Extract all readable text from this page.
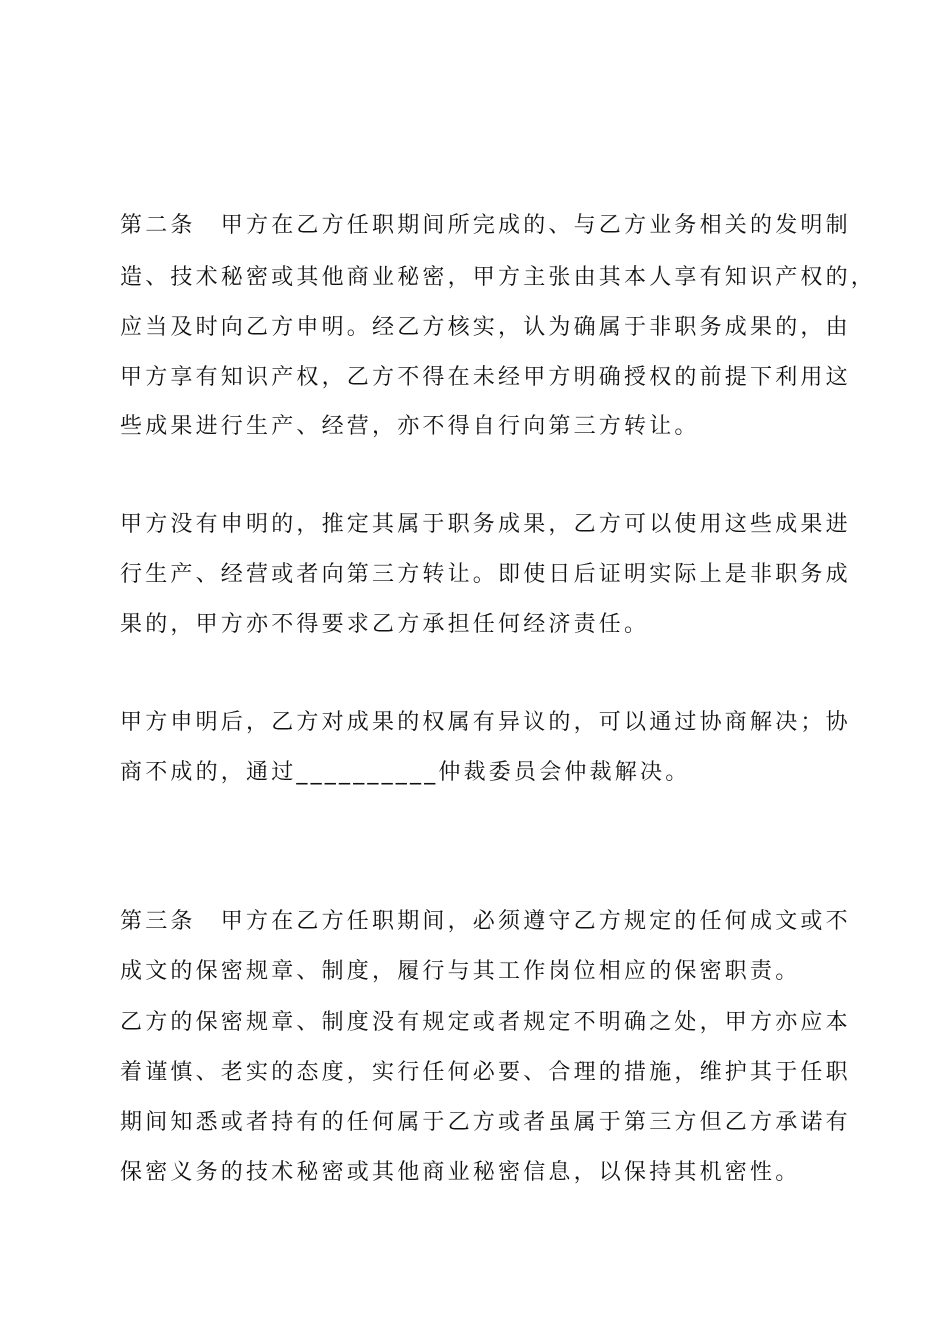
第二条　甲方在乙方任职期间所完成的、与乙方业务相关的发明制
造、技术秘密或其他商业秘密，甲方主张由其本人享有知识产权的，
应当及时向乙方申明。经乙方核实，认为确属于非职务成果的，由
甲方享有知识产权，乙方不得在未经甲方明确授权的前提下利用这
些成果进行生产、经营，亦不得自行向第三方转让。
甲方没有申明的，推定其属于职务成果，乙方可以使用这些成果进
行生产、经营或者向第三方转让。即使日后证明实际上是非职务成
果的，甲方亦不得要求乙方承担任何经济责任。
甲方申明后，乙方对成果的权属有异议的，可以通过协商解决；协
商不成的，通过__________仲裁委员会仲裁解决。
第三条　甲方在乙方任职期间，必须遵守乙方规定的任何成文或不
成文的保密规章、制度，履行与其工作岗位相应的保密职责。
乙方的保密规章、制度没有规定或者规定不明确之处，甲方亦应本
着谨慎、老实的态度，实行任何必要、合理的措施，维护其于任职
期间知悉或者持有的任何属于乙方或者虽属于第三方但乙方承诺有
保密义务的技术秘密或其他商业秘密信息，以保持其机密性。
